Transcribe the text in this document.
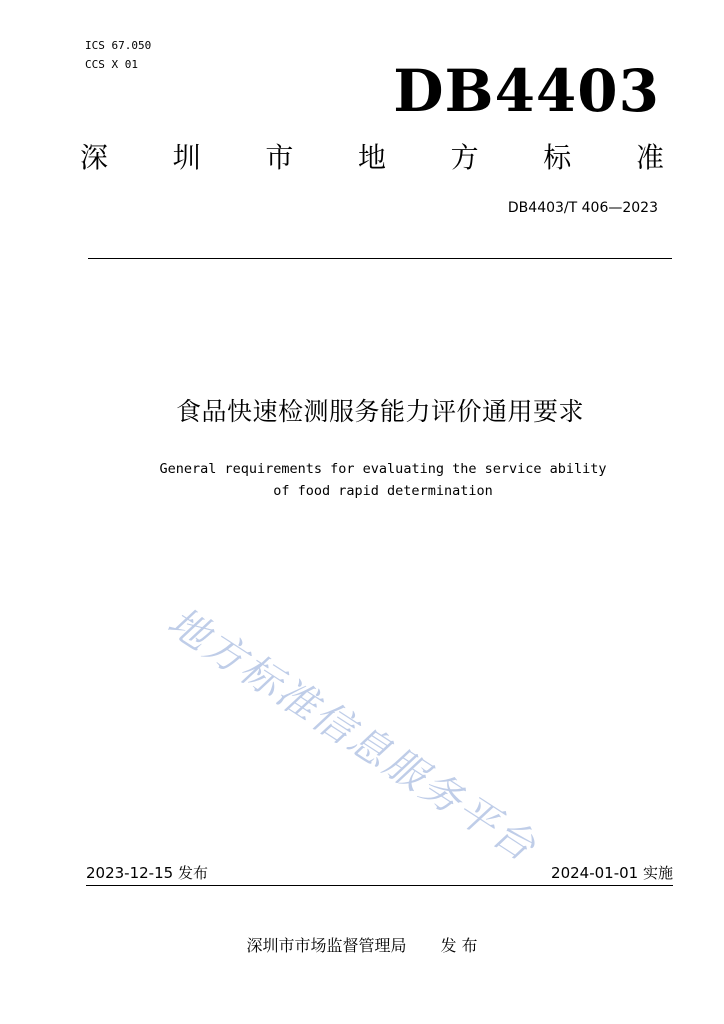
ICS 67.050
CCS X 01	DB4403
深 圳 市 地 方 标 准
DB4403/T 406—2023
食品快速检测服务能力评价通用要求
General requirements for evaluating the service ability
of food rapid determination
地方标准信息服务平台
2023-12-15 发布	2024-01-01 实施
深圳市市场监督管理局 发 布
